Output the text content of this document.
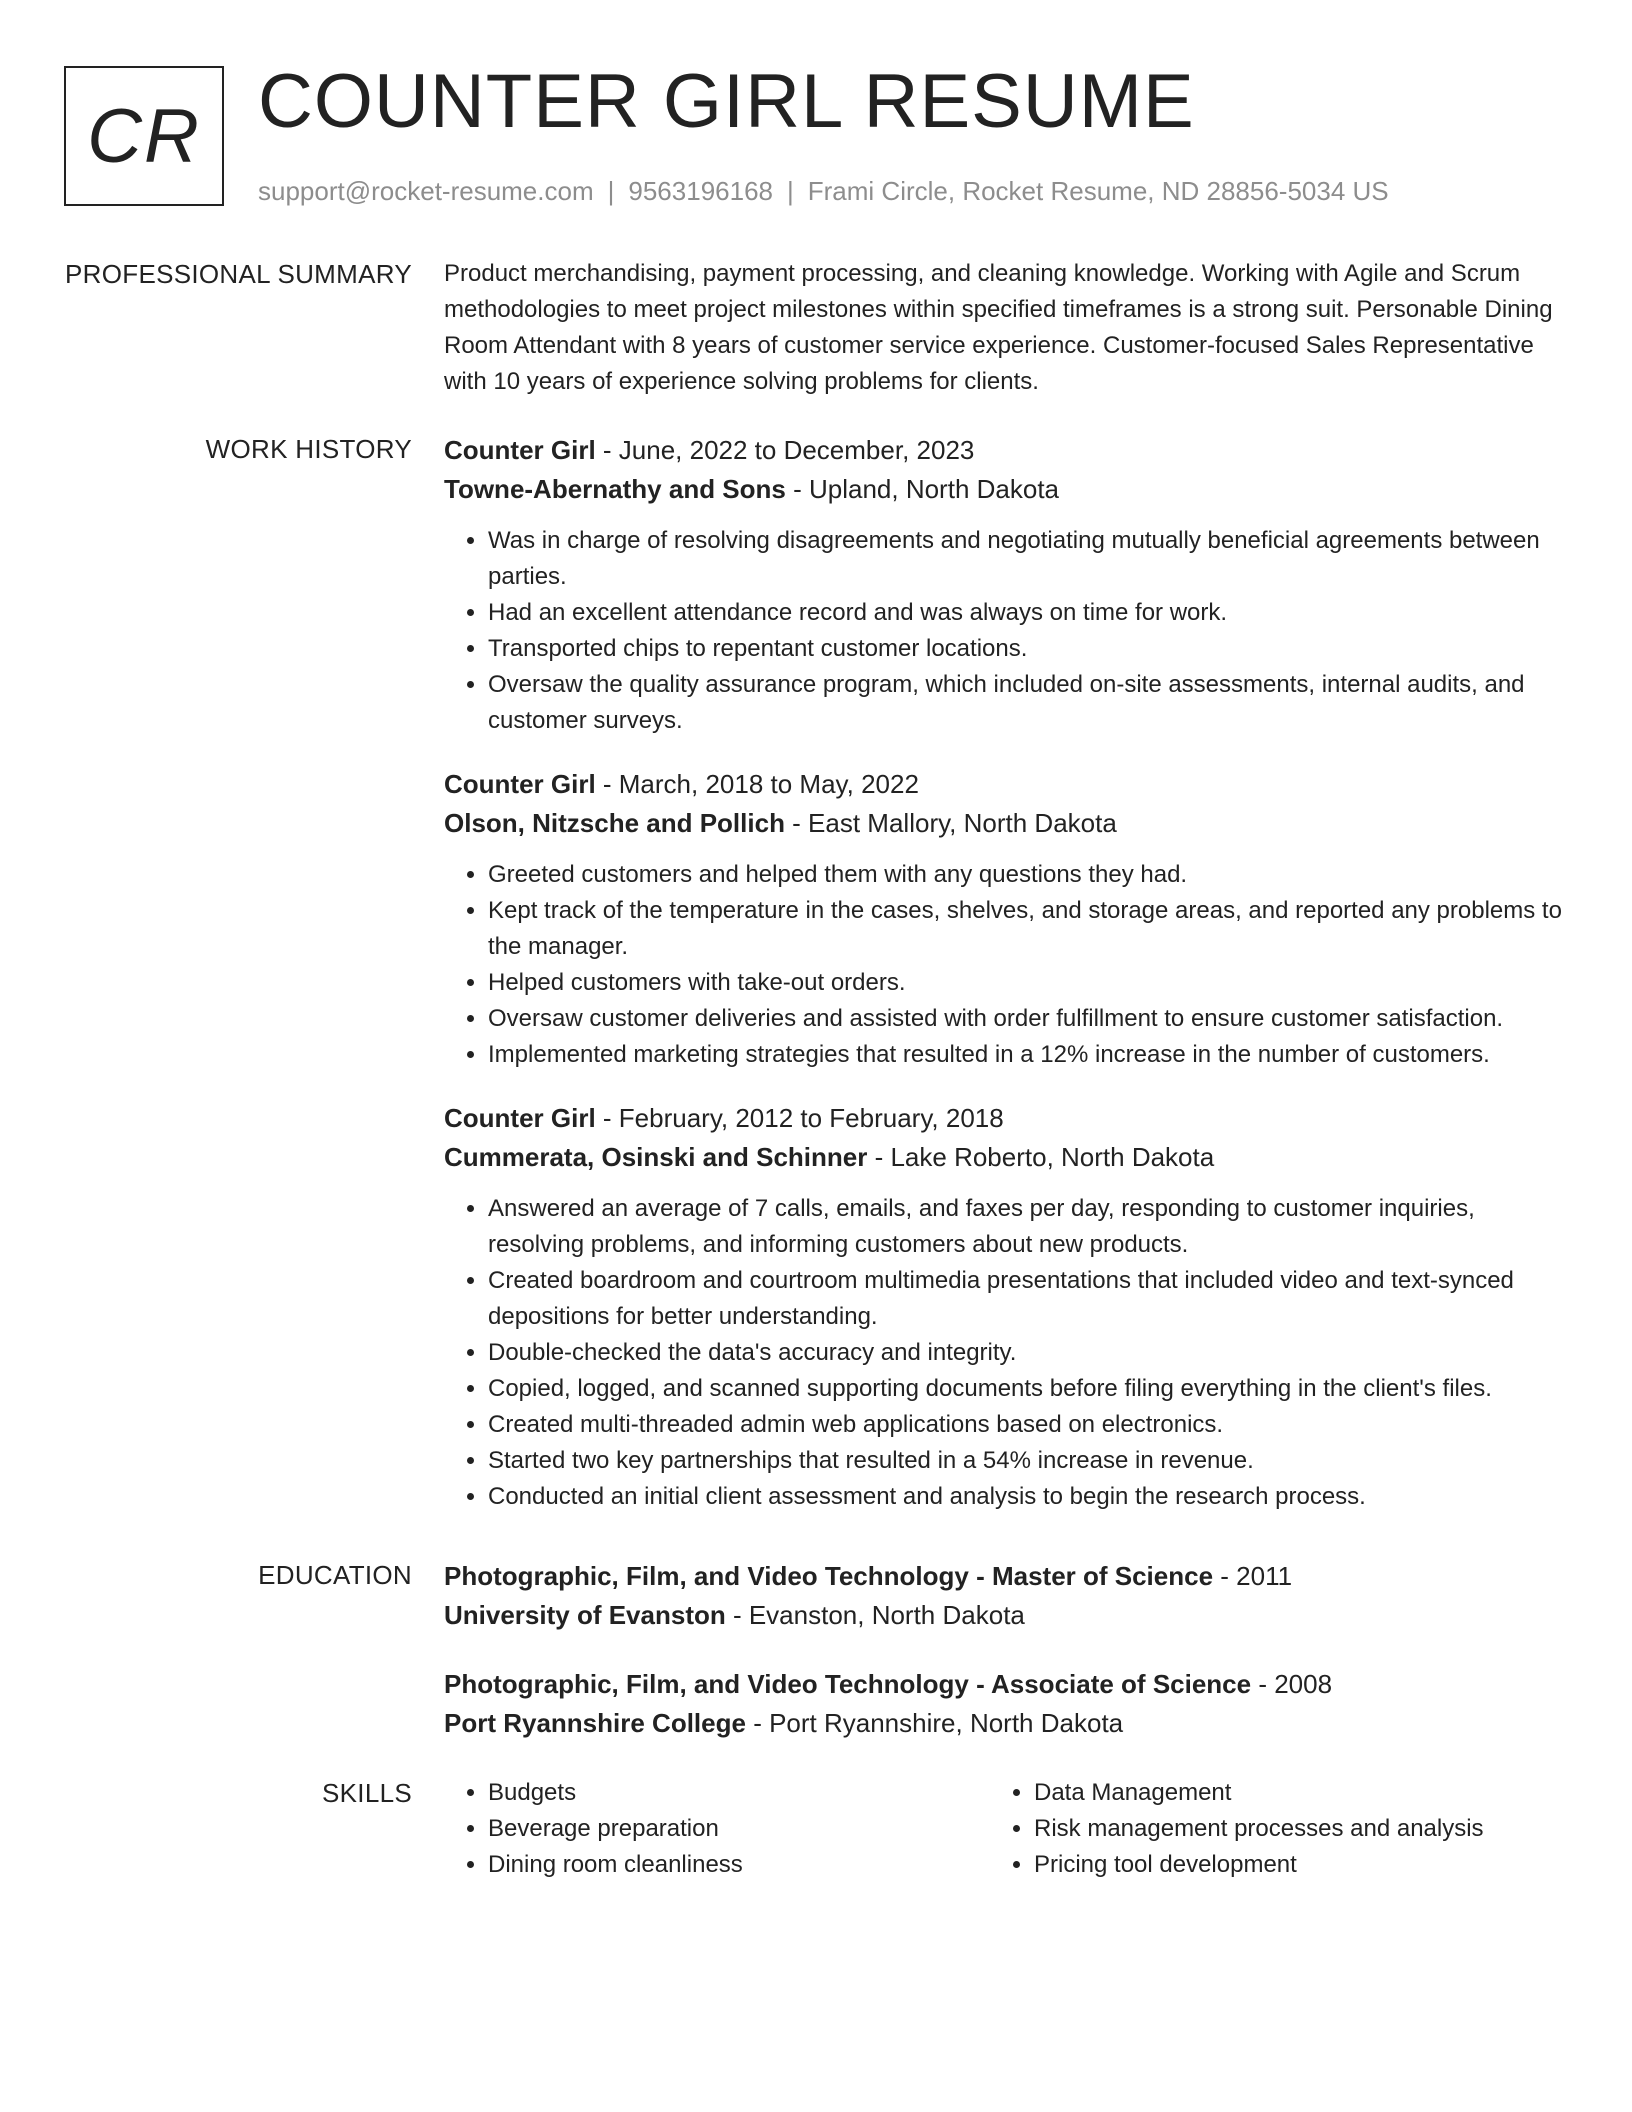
CR COUNTER GIRL RESUME
support@rocket-resume.com | 9563196168 | Frami Circle, Rocket Resume, ND 28856-5034 US
PROFESSIONAL SUMMARY Product merchandising, payment processing, and cleaning knowledge. Working with Agile and Scrum methodologies to meet project milestones within specified timeframes is a strong suit. Personable Dining Room Attendant with 8 years of customer service experience. Customer-focused Sales Representative with 10 years of experience solving problems for clients.

WORK HISTORY Counter Girl - June, 2022 to December, 2023
Towne-Abernathy and Sons - Upland, North Dakota
• Was in charge of resolving disagreements and negotiating mutually beneficial agreements between parties.
• Had an excellent attendance record and was always on time for work.
• Transported chips to repentant customer locations.
• Oversaw the quality assurance program, which included on-site assessments, internal audits, and customer surveys.
Counter Girl - March, 2018 to May, 2022
Olson, Nitzsche and Pollich - East Mallory, North Dakota
• Greeted customers and helped them with any questions they had.
• Kept track of the temperature in the cases, shelves, and storage areas, and reported any problems to the manager.
• Helped customers with take-out orders.
• Oversaw customer deliveries and assisted with order fulfillment to ensure customer satisfaction.
• Implemented marketing strategies that resulted in a 12% increase in the number of customers.
Counter Girl - February, 2012 to February, 2018
Cummerata, Osinski and Schinner - Lake Roberto, North Dakota
• Answered an average of 7 calls, emails, and faxes per day, responding to customer inquiries, resolving problems, and informing customers about new products.
• Created boardroom and courtroom multimedia presentations that included video and text-synced depositions for better understanding.
• Double-checked the data's accuracy and integrity.
• Copied, logged, and scanned supporting documents before filing everything in the client's files.
• Created multi-threaded admin web applications based on electronics.
• Started two key partnerships that resulted in a 54% increase in revenue.
• Conducted an initial client assessment and analysis to begin the research process.
EDUCATION Photographic, Film, and Video Technology - Master of Science - 2011
University of Evanston - Evanston, North Dakota
Photographic, Film, and Video Technology - Associate of Science - 2008
Port Ryannshire College - Port Ryannshire, North Dakota
SKILLS
•	Budgets
• Beverage preparation
• Dining room cleanliness
• Data Management
• Risk management processes and analysis
• Pricing tool development
